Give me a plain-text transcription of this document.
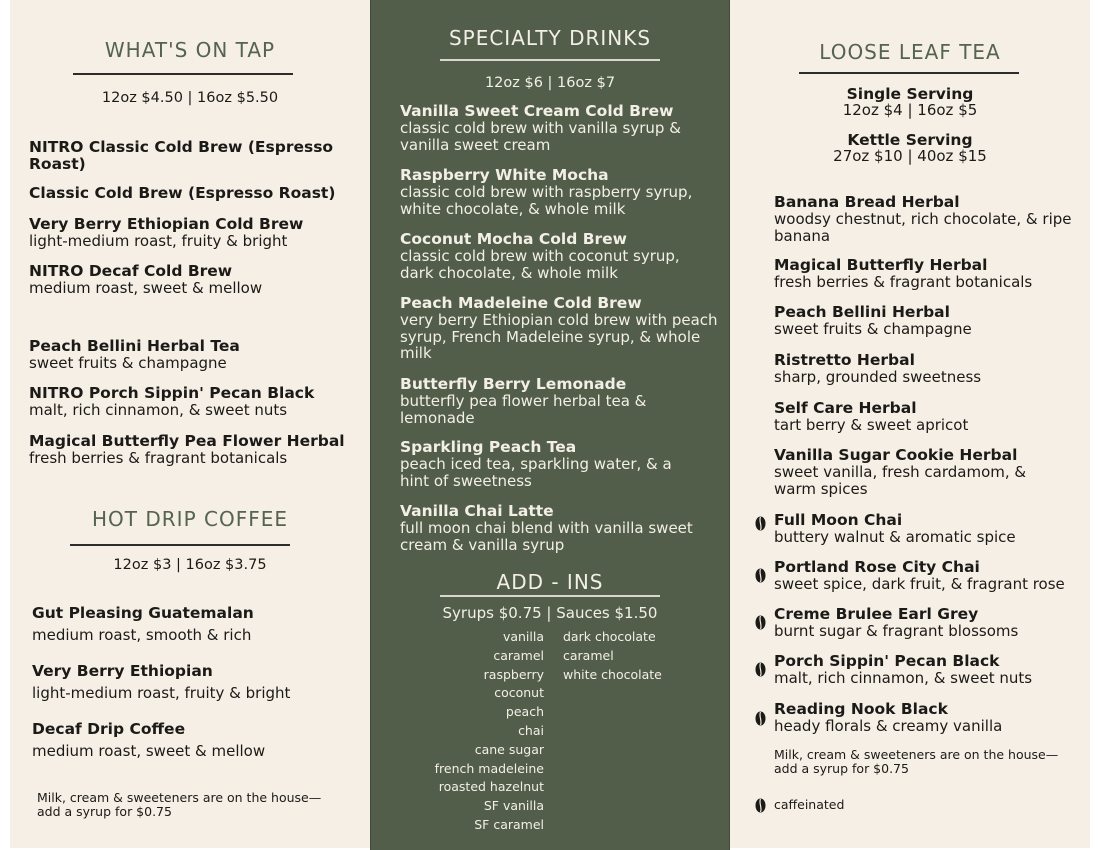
WHAT'S ON TAP
12oz $4.50 | 16oz $5.50
NITRO Classic Cold Brew (Espresso Roast)
Classic Cold Brew (Espresso Roast)
Very Berry Ethiopian Cold Brew
light-medium roast, fruity & bright
NITRO Decaf Cold Brew
medium roast, sweet & mellow
Peach Bellini Herbal Tea
sweet fruits & champagne
NITRO Porch Sippin' Pecan Black
malt, rich cinnamon, & sweet nuts
Magical Butterfly Pea Flower Herbal
fresh berries & fragrant botanicals
HOT DRIP COFFEE
12oz $3 | 16oz $3.75
Gut Pleasing Guatemalan
medium roast, smooth & rich
Very Berry Ethiopian
light-medium roast, fruity & bright
Decaf Drip Coffee
medium roast, sweet & mellow
Milk, cream & sweeteners are on the house—
add a syrup for $0.75
SPECIALTY DRINKS
12oz $6 | 16oz $7
Vanilla Sweet Cream Cold Brew
classic cold brew with vanilla syrup & vanilla sweet cream
Raspberry White Mocha
classic cold brew with raspberry syrup, white chocolate, & whole milk
Coconut Mocha Cold Brew
classic cold brew with coconut syrup, dark chocolate, & whole milk
Peach Madeleine Cold Brew
very berry Ethiopian cold brew with peach syrup, French Madeleine syrup, & whole milk
Butterfly Berry Lemonade
butterfly pea flower herbal tea & lemonade
Sparkling Peach Tea
peach iced tea, sparkling water, & a hint of sweetness
Vanilla Chai Latte
full moon chai blend with vanilla sweet cream & vanilla syrup
ADD - INS
Syrups $0.75 | Sauces $1.50
vanilla
caramel
raspberry
coconut
peach
chai
cane sugar
french madeleine
roasted hazelnut
SF vanilla
SF caramel
dark chocolate
caramel
white chocolate
LOOSE LEAF TEA
Single Serving
12oz $4 | 16oz $5
Kettle Serving
27oz $10 | 40oz $15
Banana Bread Herbal
woodsy chestnut, rich chocolate, & ripe banana
Magical Butterfly Herbal
fresh berries & fragrant botanicals
Peach Bellini Herbal
sweet fruits & champagne
Ristretto Herbal
sharp, grounded sweetness
Self Care Herbal
tart berry & sweet apricot
Vanilla Sugar Cookie Herbal
sweet vanilla, fresh cardamom, & warm spices
Full Moon Chai
buttery walnut & aromatic spice
Portland Rose City Chai
sweet spice, dark fruit, & fragrant rose
Creme Brulee Earl Grey
burnt sugar & fragrant blossoms
Porch Sippin' Pecan Black
malt, rich cinnamon, & sweet nuts
Reading Nook Black
heady florals & creamy vanilla
Milk, cream & sweeteners are on the house—
add a syrup for $0.75
caffeinated
